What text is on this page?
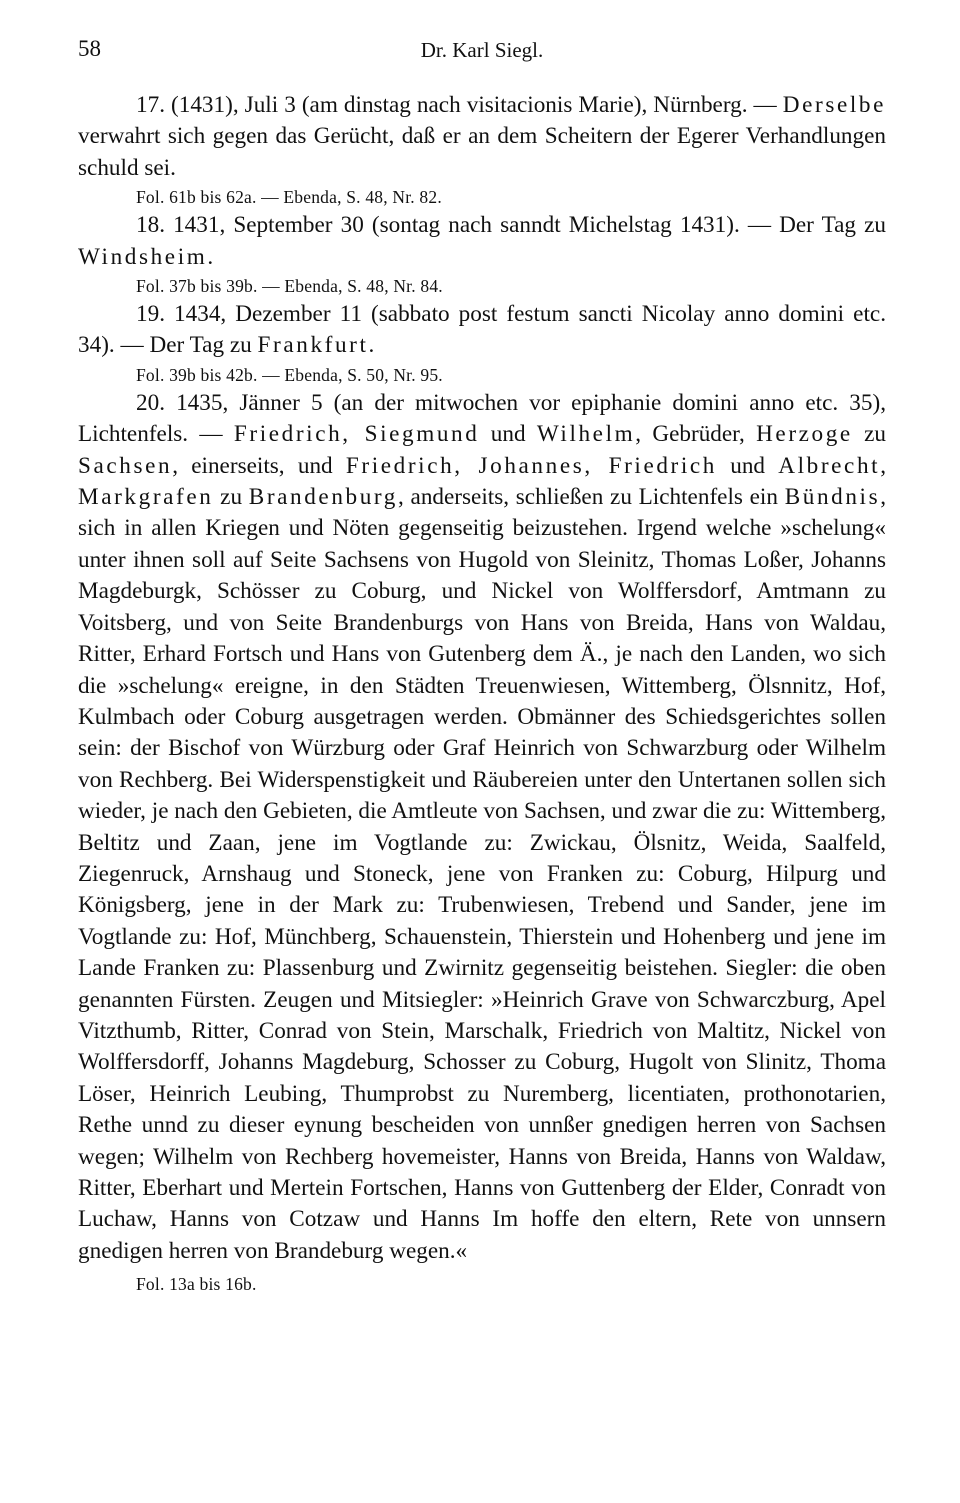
58	Dr. Karl Siegl.

17. (1431), Juli 3 (am dinstag nach visitacionis Marie), Nürnberg. — Derselbe verwahrt sich gegen das Gerücht, daß er an dem Scheitern der Egerer Verhandlungen schuld sei.

Fol. 61b bis 62a. — Ebenda, S. 48, Nr. 82.

18. 1431, September 30 (sontag nach sanndt Michelstag 1431). — Der Tag zu Windsheim.

Fol. 37b bis 39b. — Ebenda, S. 48, Nr. 84.

19. 1434, Dezember 11 (sabbato post festum sancti Nicolay anno domini etc. 34). — Der Tag zu Frankfurt.

Fol. 39b bis 42b. — Ebenda, S. 50, Nr. 95.

20. 1435, Jänner 5 (an der mitwochen vor epiphanie domini anno etc. 35), Lichtenfels. — Friedrich, Siegmund und Wilhelm, Gebrüder, Herzoge zu Sachsen, einerseits, und Friedrich, Johannes, Friedrich und Albrecht, Markgrafen zu Brandenburg, anderseits, schließen zu Lichtenfels ein Bündnis, sich in allen Kriegen und Nöten gegenseitig beizustehen. Irgend welche »schelung« unter ihnen soll auf Seite Sachsens von Hugold von Sleinitz, Thomas Loßer, Johanns Magdeburgk, Schösser zu Coburg, und Nickel von Wolffersdorf, Amtmann zu Voitsberg, und von Seite Brandenburgs von Hans von Breida, Hans von Waldau, Ritter, Erhard Fortsch und Hans von Gutenberg dem Ä., je nach den Landen, wo sich die »schelung« ereigne, in den Städten Treuenwiesen, Wittemberg, Ölsnnitz, Hof, Kulmbach oder Coburg ausgetragen werden. Obmänner des Schiedsgerichtes sollen sein: der Bischof von Würzburg oder Graf Heinrich von Schwarzburg oder Wilhelm von Rechberg. Bei Widerspenstigkeit und Räubereien unter den Untertanen sollen sich wieder, je nach den Gebieten, die Amtleute von Sachsen, und zwar die zu: Wittemberg, Beltitz und Zaan, jene im Vogtlande zu: Zwickau, Ölsnitz, Weida, Saalfeld, Ziegenruck, Arnshaug und Stoneck, jene von Franken zu: Coburg, Hilpurg und Königsberg, jene in der Mark zu: Trubenwiesen, Trebend und Sander, jene im Vogtlande zu: Hof, Münchberg, Schauenstein, Thierstein und Hohenberg und jene im Lande Franken zu: Plassenburg und Zwirnitz gegenseitig beistehen. Siegler: die oben genannten Fürsten. Zeugen und Mitsiegler: »Heinrich Grave von Schwarczburg, Apel Vitzthumb, Ritter, Conrad von Stein, Marschalk, Friedrich von Maltitz, Nickel von Wolffersdorff, Johanns Magdeburg, Schosser zu Coburg, Hugolt von Slinitz, Thoma Löser, Heinrich Leubing, Thumprobst zu Nuremberg, licentiaten, prothonotarien, Rethe unnd zu dieser eynung bescheiden von unnßer gnedigen herren von Sachsen wegen; Wilhelm von Rechberg hovemeister, Hanns von Breida, Hanns von Waldaw, Ritter, Eberhart und Mertein Fortschen, Hanns von Guttenberg der Elder, Conradt von Luchaw, Hanns von Cotzaw und Hanns Im hoffe den eltern, Rete von unnsern gnedigen herren von Brandeburg wegen.«

Fol. 13a bis 16b.
